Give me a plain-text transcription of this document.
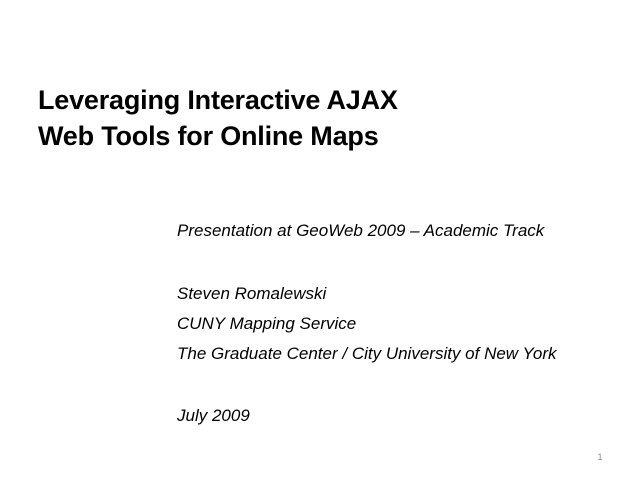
Leveraging Interactive AJAX
Web Tools for Online Maps
Presentation at GeoWeb 2009 – Academic Track
Steven Romalewski
CUNY Mapping Service
The Graduate Center / City University of New York
July 2009
1
